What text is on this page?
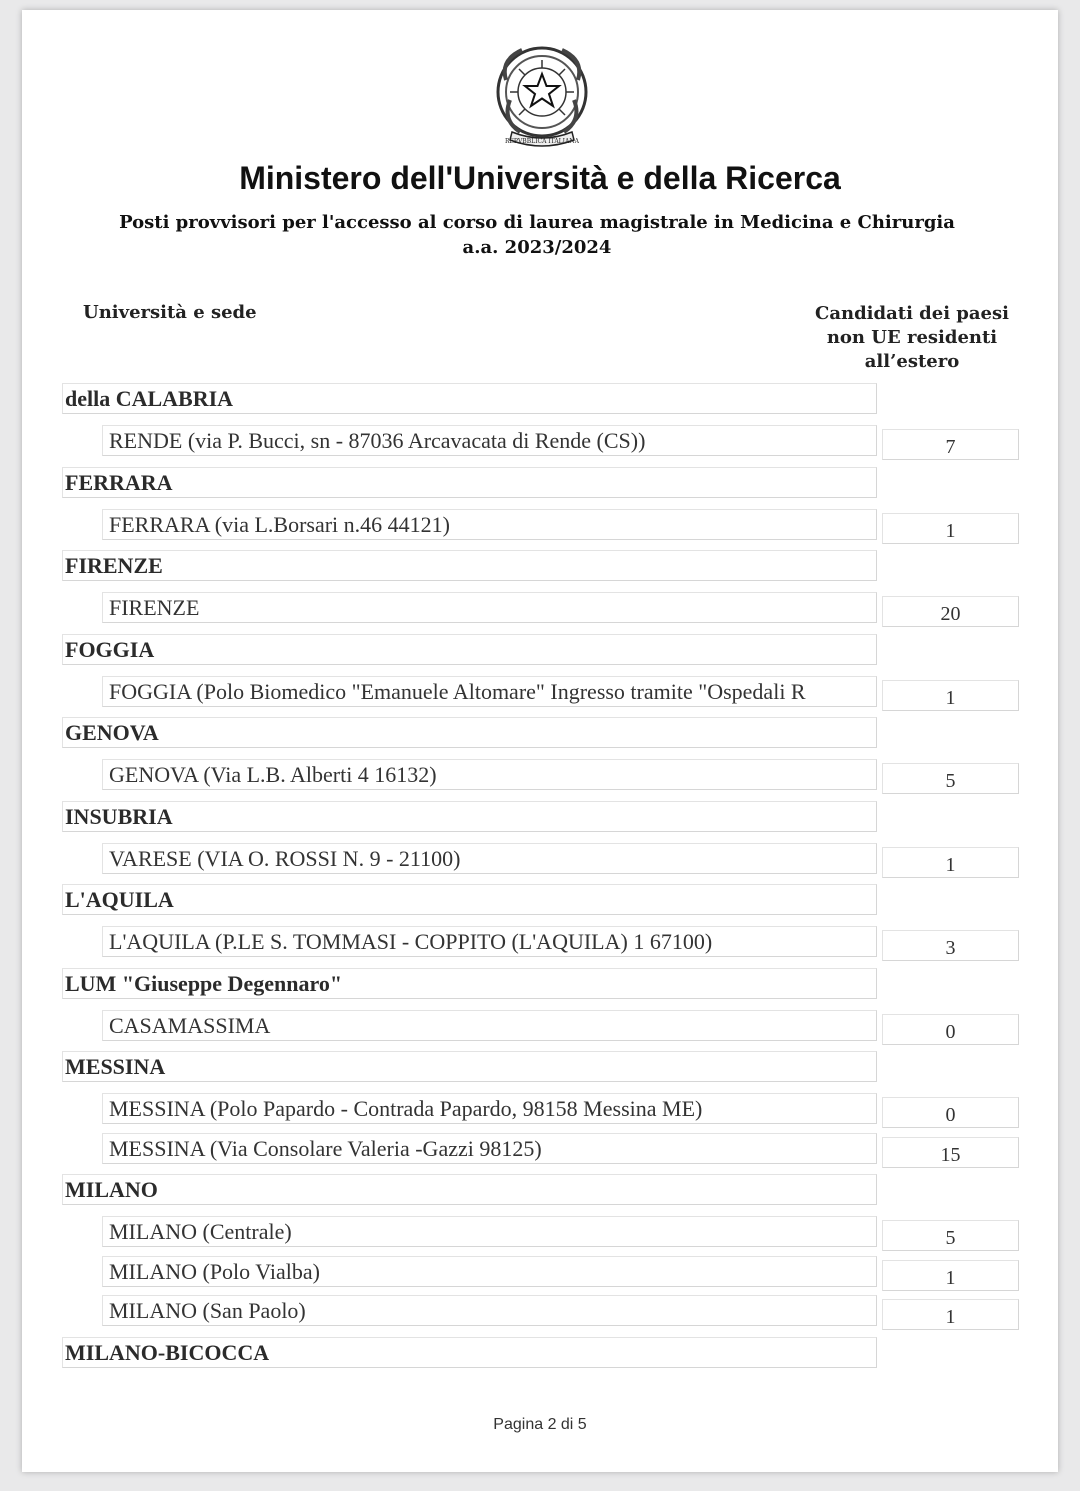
REPVBBLICA ITALIANA
Ministero dell'Università e della Ricerca
Posti provvisori per l'accesso al corso di laurea magistrale in Medicina e Chirurgia
a.a. 2023/2024
Università e sede	Candidati dei paesi
non UE residenti
all’estero
della CALABRIA
RENDE (via P. Bucci, sn - 87036 Arcavacata di Rende (CS))	7
FERRARA
FERRARA (via L.Borsari n.46 44121)	1
FIRENZE
FIRENZE	20
FOGGIA
FOGGIA (Polo Biomedico "Emanuele Altomare" Ingresso tramite "Ospedali R	1
GENOVA
GENOVA (Via L.B. Alberti 4 16132)	5
INSUBRIA
VARESE (VIA O. ROSSI N. 9 - 21100)	1
L'AQUILA
L'AQUILA (P.LE S. TOMMASI - COPPITO (L'AQUILA) 1 67100)	3
LUM "Giuseppe Degennaro"
CASAMASSIMA	0
MESSINA
MESSINA (Polo Papardo - Contrada Papardo, 98158 Messina ME)	0
MESSINA (Via Consolare Valeria -Gazzi 98125)	15
MILANO
MILANO (Centrale)	5
MILANO (Polo Vialba)	1
MILANO (San Paolo)	1
MILANO-BICOCCA
Pagina 2 di 5
